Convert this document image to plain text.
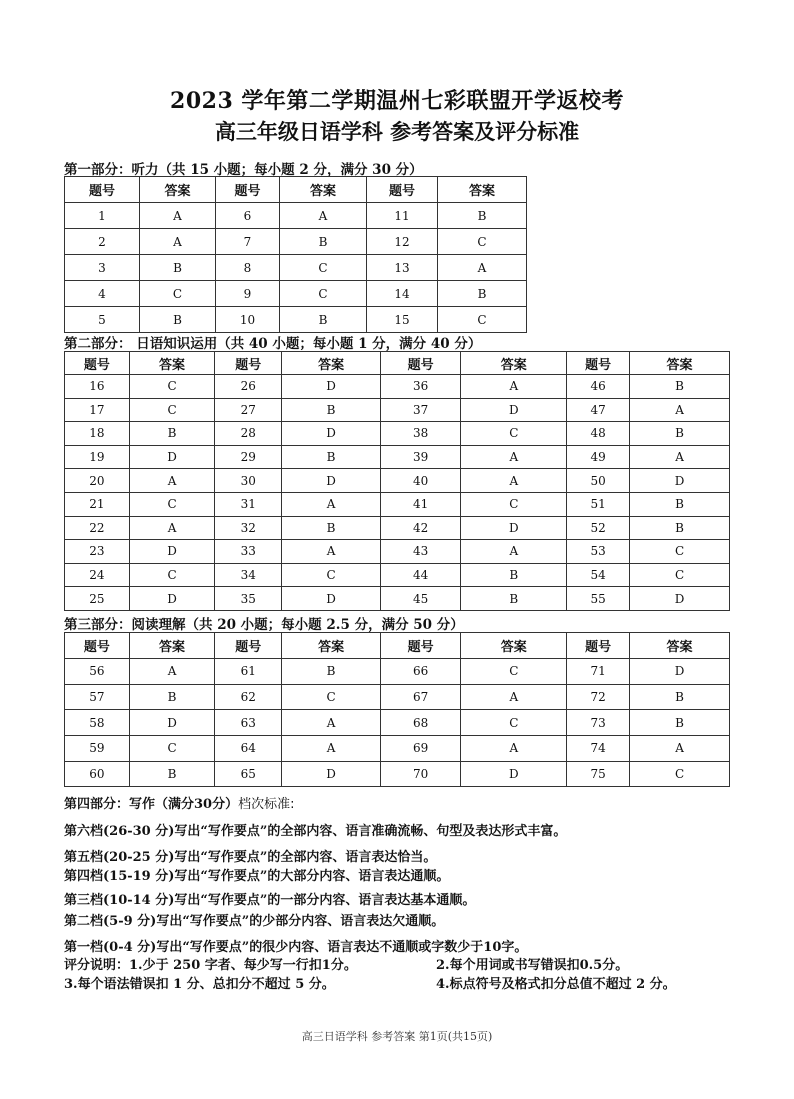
2023 学年第二学期温州七彩联盟开学返校考
高三年级日语学科 参考答案及评分标准
第一部分：听力（共 15 小题；每小题 2 分，满分 30 分）
题号	答案	题号	答案	题号	答案
1	A	6	A	11	B
2	A	7	B	12	C
3	B	8	C	13	A
4	C	9	C	14	B
5	B	10	B	15	C
第二部分： 日语知识运用（共 40 小题；每小题 1 分，满分 40 分）
题号	答案	题号	答案	题号	答案	题号	答案
16	C	26	D	36	A	46	B
17	C	27	B	37	D	47	A
18	B	28	D	38	C	48	B
19	D	29	B	39	A	49	A
20	A	30	D	40	A	50	D
21	C	31	A	41	C	51	B
22	A	32	B	42	D	52	B
23	D	33	A	43	A	53	C
24	C	34	C	44	B	54	C
25	D	35	D	45	B	55	D
第三部分：阅读理解（共 20 小题；每小题 2.5 分，满分 50 分）
题号	答案	题号	答案	题号	答案	题号	答案
56	A	61	B	66	C	71	D
57	B	62	C	67	A	72	B
58	D	63	A	68	C	73	B
59	C	64	A	69	A	74	A
60	B	65	D	70	D	75	C
第四部分：写作（满分30分）档次标准:
第六档(26-30 分)写出“写作要点”的全部内容、语言准确流畅、句型及表达形式丰富。
第五档(20-25 分)写出“写作要点”的全部内容、语言表达恰当。
第四档(15-19 分)写出“写作要点”的大部分内容、语言表达通顺。
第三档(10-14 分)写出“写作要点”的一部分内容、语言表达基本通顺。
第二档(5-9 分)写出“写作要点”的少部分内容、语言表达欠通顺。
第一档(0-4 分)写出“写作要点”的很少内容、语言表达不通顺或字数少于10字。
评分说明：1.少于 250 字者、每少写一行扣1分。	2.每个用词或书写错误扣0.5分。
3.每个语法错误扣 1 分、总扣分不超过 5 分。	4.标点符号及格式扣分总值不超过 2 分。
高三日语学科 参考答案 第1页(共15页)
